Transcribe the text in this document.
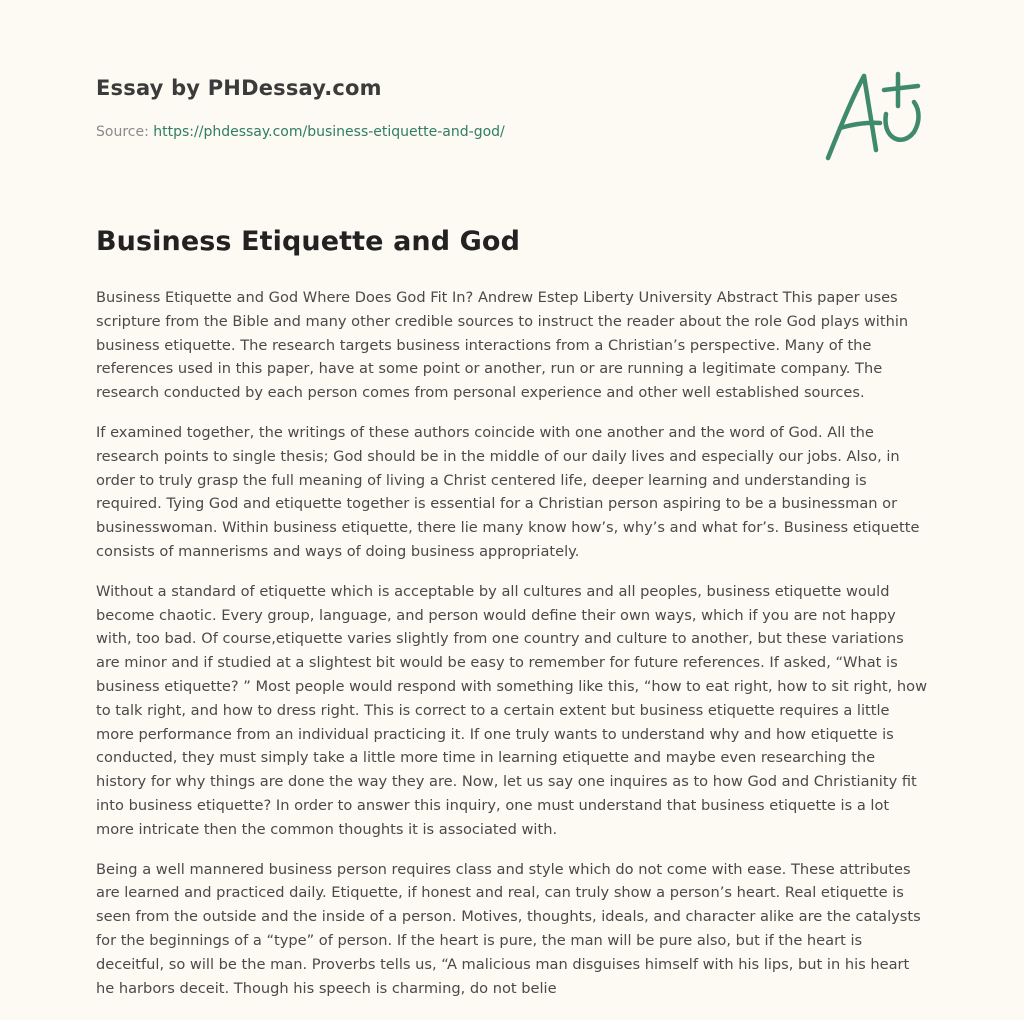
Essay by PHDessay.com

Source: https://phdessay.com/business-etiquette-and-god/

Business Etiquette and God

Business Etiquette and God Where Does God Fit In? Andrew Estep Liberty University Abstract This paper uses scripture from the Bible and many other credible sources to instruct the reader about the role God plays within business etiquette. The research targets business interactions from a Christian’s perspective. Many of the references used in this paper, have at some point or another, run or are running a legitimate company. The research conducted by each person comes from personal experience and other well established sources.

If examined together, the writings of these authors coincide with one another and the word of God. All the research points to single thesis; God should be in the middle of our daily lives and especially our jobs. Also, in order to truly grasp the full meaning of living a Christ centered life, deeper learning and understanding is required. Tying God and etiquette together is essential for a Christian person aspiring to be a businessman or businesswoman. Within business etiquette, there lie many know how’s, why’s and what for’s. Business etiquette consists of mannerisms and ways of doing business appropriately.

Without a standard of etiquette which is acceptable by all cultures and all peoples, business etiquette would become chaotic. Every group, language, and person would define their own ways, which if you are not happy with, too bad. Of course,etiquette varies slightly from one country and culture to another, but these variations are minor and if studied at a slightest bit would be easy to remember for future references. If asked, “What is business etiquette? ” Most people would respond with something like this, “how to eat right, how to sit right, how to talk right, and how to dress right. This is correct to a certain extent but business etiquette requires a little more performance from an individual practicing it. If one truly wants to understand why and how etiquette is conducted, they must simply take a little more time in learning etiquette and maybe even researching the history for why things are done the way they are. Now, let us say one inquires as to how God and Christianity fit into business etiquette? In order to answer this inquiry, one must understand that business etiquette is a lot more intricate then the common thoughts it is associated with.

Being a well mannered business person requires class and style which do not come with ease. These attributes are learned and practiced daily. Etiquette, if honest and real, can truly show a person’s heart. Real etiquette is seen from the outside and the inside of a person. Motives, thoughts, ideals, and character alike are the catalysts for the beginnings of a “type” of person. If the heart is pure, the man will be pure also, but if the heart is deceitful, so will be the man. Proverbs tells us, “A malicious man disguises himself with his lips, but in his heart he harbors deceit. Though his speech is charming, do not belie
